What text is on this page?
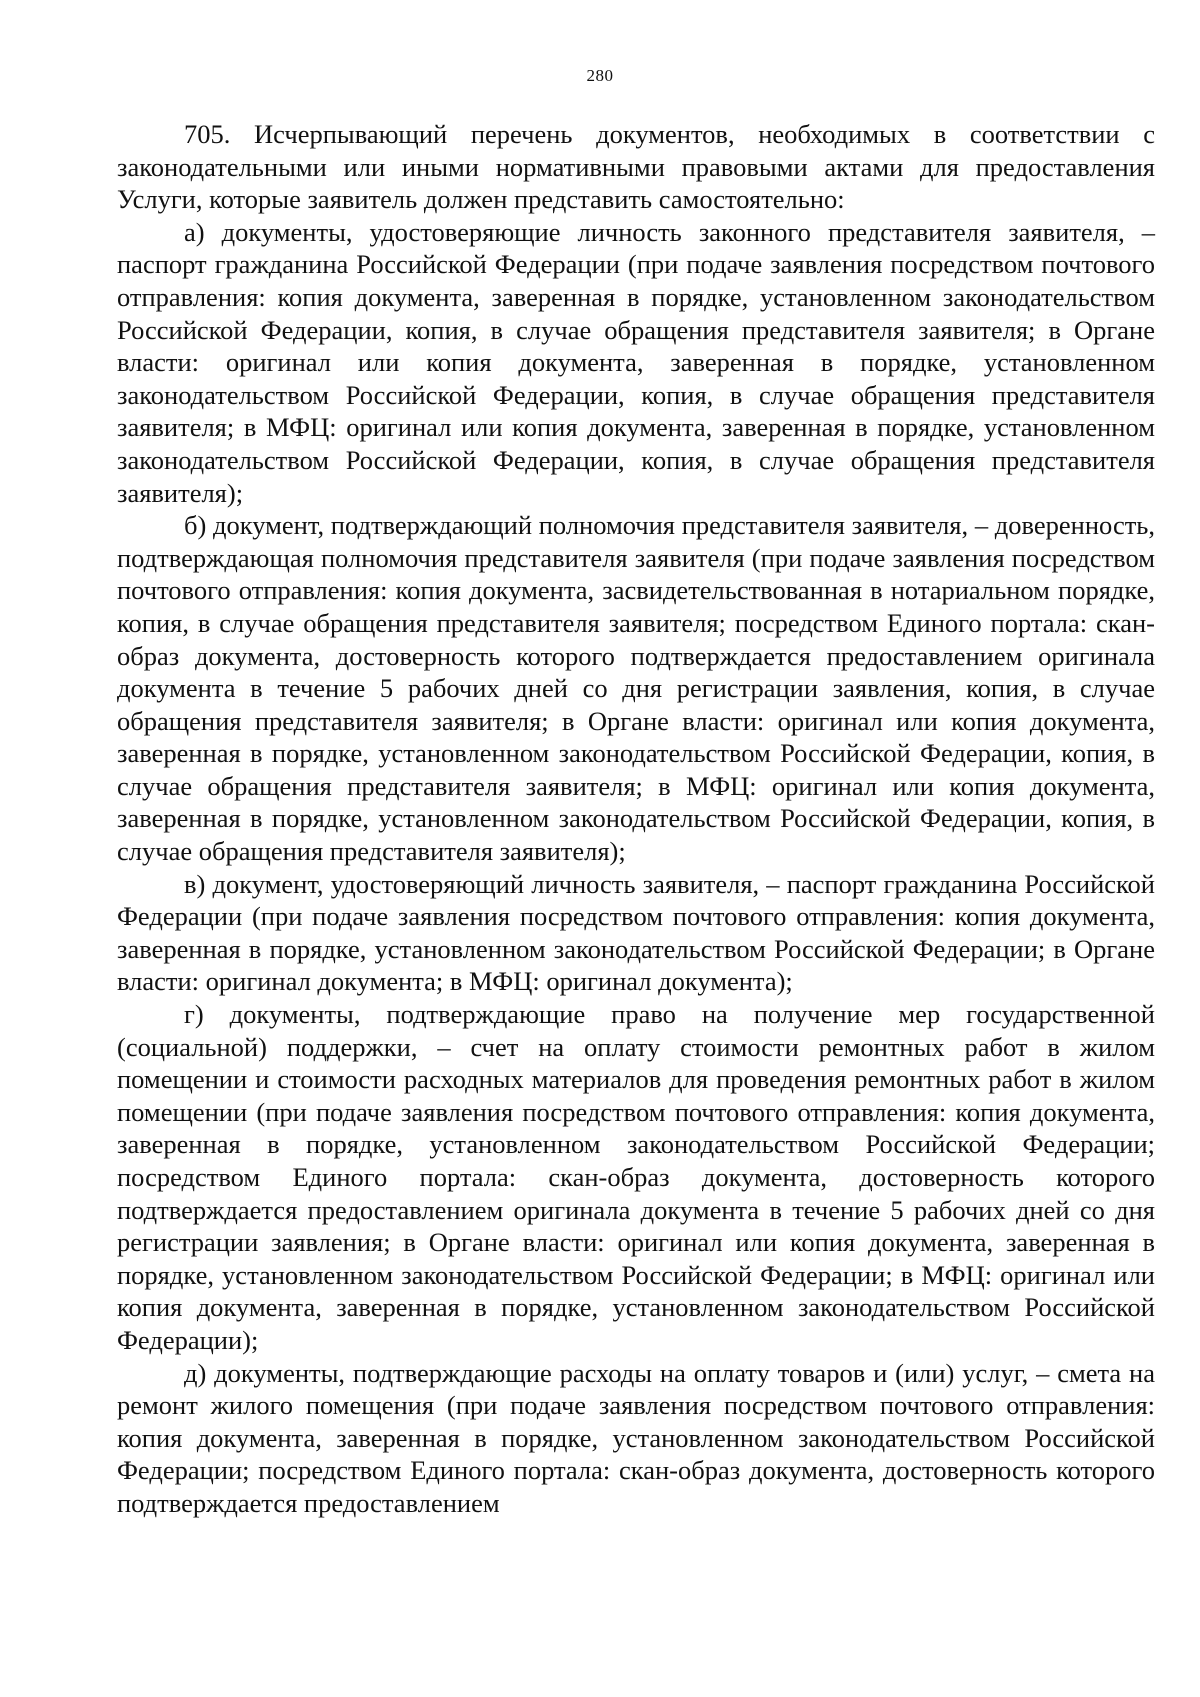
280

705. Исчерпывающий перечень документов, необходимых в соответствии с законодательными или иными нормативными правовыми актами для предоставления Услуги, которые заявитель должен представить самостоятельно:

а) документы, удостоверяющие личность законного представителя заявителя, – паспорт гражданина Российской Федерации (при подаче заявления посредством почтового отправления: копия документа, заверенная в порядке, установленном законодательством Российской Федерации, копия, в случае обращения представителя заявителя; в Органе власти: оригинал или копия документа, заверенная в порядке, установленном законодательством Российской Федерации, копия, в случае обращения представителя заявителя; в МФЦ: оригинал или копия документа, заверенная в порядке, установленном законодательством Российской Федерации, копия, в случае обращения представителя заявителя);

б) документ, подтверждающий полномочия представителя заявителя, – доверенность, подтверждающая полномочия представителя заявителя (при подаче заявления посредством почтового отправления: копия документа, засвидетельствованная в нотариальном порядке, копия, в случае обращения представителя заявителя; посредством Единого портала: скан-образ документа, достоверность которого подтверждается предоставлением оригинала документа в течение 5 рабочих дней со дня регистрации заявления, копия, в случае обращения представителя заявителя; в Органе власти: оригинал или копия документа, заверенная в порядке, установленном законодательством Российской Федерации, копия, в случае обращения представителя заявителя; в МФЦ: оригинал или копия документа, заверенная в порядке, установленном законодательством Российской Федерации, копия, в случае обращения представителя заявителя);

в) документ, удостоверяющий личность заявителя, – паспорт гражданина Российской Федерации (при подаче заявления посредством почтового отправления: копия документа, заверенная в порядке, установленном законодательством Российской Федерации; в Органе власти: оригинал документа; в МФЦ: оригинал документа);

г) документы, подтверждающие право на получение мер государственной (социальной) поддержки, – счет на оплату стоимости ремонтных работ в жилом помещении и стоимости расходных материалов для проведения ремонтных работ в жилом помещении (при подаче заявления посредством почтового отправления: копия документа, заверенная в порядке, установленном законодательством Российской Федерации; посредством Единого портала: скан-образ документа, достоверность которого подтверждается предоставлением оригинала документа в течение 5 рабочих дней со дня регистрации заявления; в Органе власти: оригинал или копия документа, заверенная в порядке, установленном законодательством Российской Федерации; в МФЦ: оригинал или копия документа, заверенная в порядке, установленном законодательством Российской Федерации);

д) документы, подтверждающие расходы на оплату товаров и (или) услуг, – смета на ремонт жилого помещения (при подаче заявления посредством почтового отправления: копия документа, заверенная в порядке, установленном законодательством Российской Федерации; посредством Единого портала: скан-образ документа, достоверность которого подтверждается предоставлением
